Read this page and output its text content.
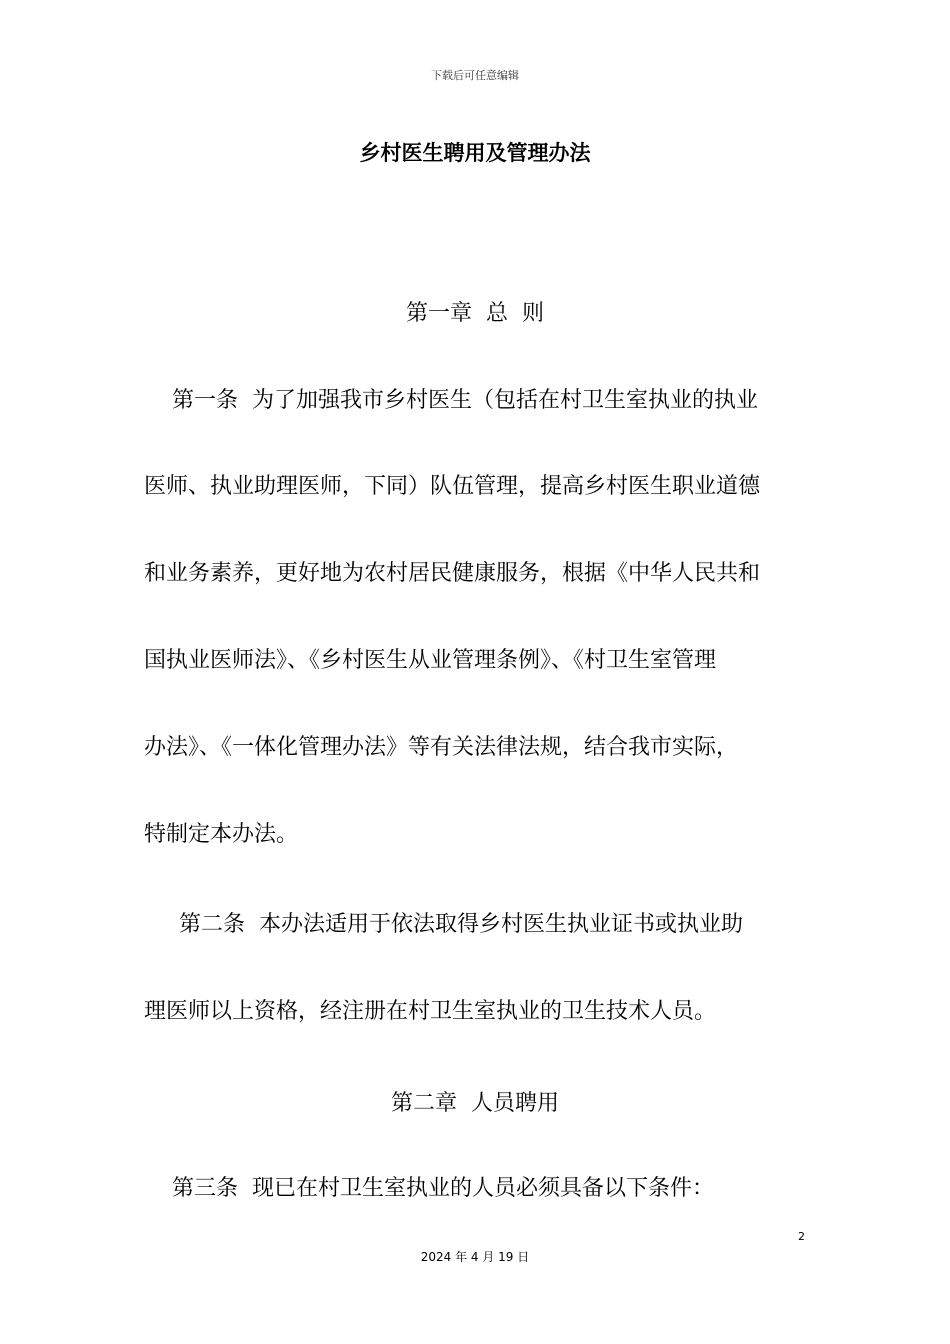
下载后可任意编辑
乡村医生聘用及管理办法
第一章  总  则
第一条  为了加强我市乡村医生（包括在村卫生室执业的执业
医师、执业助理医师，下同）队伍管理，提高乡村医生职业道德
和业务素养，更好地为农村居民健康服务，根据《中华人民共和
国执业医师法》、《乡村医生从业管理条例》、《村卫生室管理
办法》、《一体化管理办法》等有关法律法规，结合我市实际，
特制定本办法。
第二条  本办法适用于依法取得乡村医生执业证书或执业助
理医师以上资格，经注册在村卫生室执业的卫生技术人员。
第二章  人员聘用
第三条  现已在村卫生室执业的人员必须具备以下条件：
2
2024 年 4 月 19 日
